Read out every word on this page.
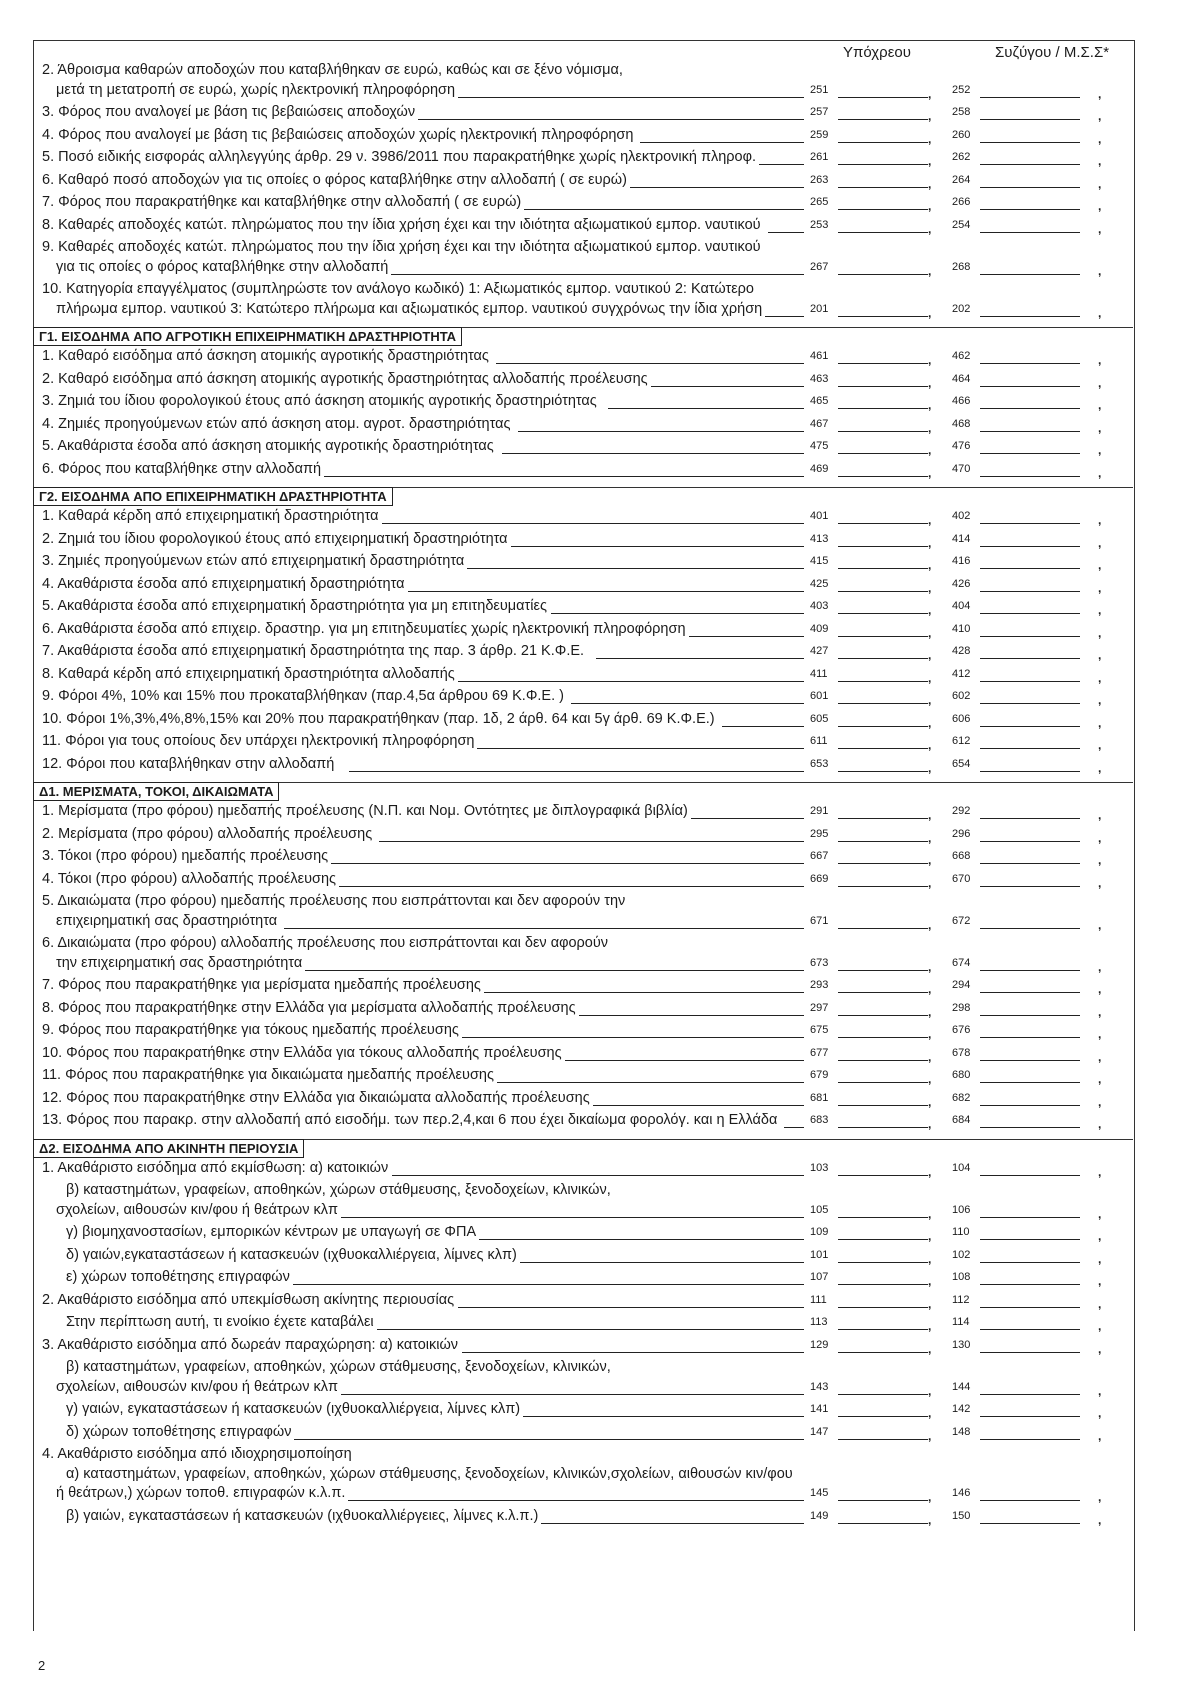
Υπόχρεου	Συζύγου / Μ.Σ.Σ*
2. Άθροισμα καθαρών αποδοχών που καταβλήθηκαν σε ευρώ, καθώς και σε ξένο νόμισμα,
μετά τη μετατροπή σε ευρώ, χωρίς ηλεκτρονική πληροφόρηση	251	, 252	,
3. Φόρος που αναλογεί με βάση τις βεβαιώσεις αποδοχών	257	, 258	,
4. Φόρος που αναλογεί με βάση τις βεβαιώσεις αποδοχών χωρίς ηλεκτρονική πληροφόρηση	259	, 260	,
5. Ποσό ειδικής εισφοράς αλληλεγγύης άρθρ. 29 ν. 3986/2011 που παρακρατήθηκε χωρίς ηλεκτρονική πληροφ.	261	, 262	,
6. Καθαρό ποσό αποδοχών για τις οποίες ο φόρος καταβλήθηκε στην αλλοδαπή ( σε ευρώ)	263	, 264	,
7. Φόρος που παρακρατήθηκε και καταβλήθηκε στην αλλοδαπή ( σε ευρώ)	265	, 266	,
8. Καθαρές αποδοχές κατώτ. πληρώματος που την ίδια χρήση έχει και την ιδιότητα αξιωματικού εμπορ. ναυτικού	253	, 254	,
9. Καθαρές αποδοχές κατώτ. πληρώματος που την ίδια χρήση έχει και την ιδιότητα αξιωματικού εμπορ. ναυτικού
για τις οποίες ο φόρος καταβλήθηκε στην αλλοδαπή	267	, 268	,
10. Κατηγορία επαγγέλματος (συμπληρώστε τον ανάλογο κωδικό) 1: Αξιωματικός εμπορ. ναυτικού 2: Κατώτερο
πλήρωμα εμπορ. ναυτικού 3: Κατώτερο πλήρωμα και αξιωματικός εμπορ. ναυτικού συγχρόνως την ίδια χρήση	201	, 202	,
Γ1. ΕΙΣΟΔΗΜΑ ΑΠΟ ΑΓΡΟΤΙΚΗ ΕΠΙΧΕΙΡΗΜΑΤΙΚΗ ΔΡΑΣΤΗΡΙΟΤΗΤΑ
1. Καθαρό εισόδημα από άσκηση ατομικής αγροτικής δραστηριότητας	461	, 462	,
2. Καθαρό εισόδημα από άσκηση ατομικής αγροτικής δραστηριότητας αλλοδαπής προέλευσης	463	, 464	,
3. Ζημιά του ίδιου φορολογικού έτους από άσκηση ατομικής αγροτικής δραστηριότητας	465	, 466	,
4. Ζημιές προηγούμενων ετών από άσκηση ατομ. αγροτ. δραστηριότητας	467	, 468	,
5. Ακαθάριστα έσοδα από άσκηση ατομικής αγροτικής δραστηριότητας	475	, 476	,
6. Φόρος που καταβλήθηκε στην αλλοδαπή	469	, 470	,
Γ2. ΕΙΣΟΔΗΜΑ ΑΠΟ ΕΠΙΧΕΙΡΗΜΑΤΙΚΗ ΔΡΑΣΤΗΡΙΟΤΗΤΑ
1. Καθαρά κέρδη από επιχειρηματική δραστηριότητα	401	, 402	,
2. Ζημιά του ίδιου φορολογικού έτους από επιχειρηματική δραστηριότητα	413	, 414	,
3. Ζημιές προηγούμενων ετών από επιχειρηματική δραστηριότητα	415	, 416	,
4. Ακαθάριστα έσοδα από επιχειρηματική δραστηριότητα	425	, 426	,
5. Ακαθάριστα έσοδα από επιχειρηματική δραστηριότητα για μη επιτηδευματίες	403	, 404	,
6. Ακαθάριστα έσοδα από επιχειρ. δραστηρ. για μη επιτηδευματίες χωρίς ηλεκτρονική πληροφόρηση	409	, 410	,
7. Ακαθάριστα έσοδα από επιχειρηματική δραστηριότητα της παρ. 3 άρθρ. 21 Κ.Φ.Ε.	427	, 428	,
8. Καθαρά κέρδη από επιχειρηματική δραστηριότητα αλλοδαπής	411	, 412	,
9. Φόροι 4%, 10% και 15% που προκαταβλήθηκαν (παρ.4,5α άρθρου 69 Κ.Φ.Ε. )	601	, 602	,
10. Φόροι 1%,3%,4%,8%,15% και 20% που παρακρατήθηκαν (παρ. 1δ, 2 άρθ. 64 και 5γ άρθ. 69 Κ.Φ.Ε.)	605	, 606	,
11. Φόροι για τους οποίους δεν υπάρχει ηλεκτρονική πληροφόρηση	611	, 612	,
12. Φόροι που καταβλήθηκαν στην αλλοδαπή	653	, 654	,
Δ1. ΜΕΡΙΣΜΑΤΑ, ΤΟΚΟΙ, ΔΙΚΑΙΩΜΑΤΑ
1. Μερίσματα (προ φόρου) ημεδαπής προέλευσης (Ν.Π. και Νομ. Οντότητες με διπλογραφικά βιβλία)	291	, 292	,
2. Μερίσματα (προ φόρου) αλλοδαπής προέλευσης	295	, 296	,
3. Τόκοι (προ φόρου) ημεδαπής προέλευσης	667	, 668	,
4. Τόκοι (προ φόρου) αλλοδαπής προέλευσης	669	, 670	,
5. Δικαιώματα (προ φόρου) ημεδαπής προέλευσης που εισπράττονται και δεν αφορούν την
επιχειρηματική σας δραστηριότητα	671	, 672	,
6. Δικαιώματα (προ φόρου) αλλοδαπής προέλευσης που εισπράττονται και δεν αφορούν
την επιχειρηματική σας δραστηριότητα	673	, 674	,
7. Φόρος που παρακρατήθηκε για μερίσματα ημεδαπής προέλευσης	293	, 294	,
8. Φόρος που παρακρατήθηκε στην Ελλάδα για μερίσματα αλλοδαπής προέλευσης	297	, 298	,
9. Φόρος που παρακρατήθηκε για τόκους ημεδαπής προέλευσης	675	, 676	,
10. Φόρος που παρακρατήθηκε στην Ελλάδα για τόκους αλλοδαπής προέλευσης	677	, 678	,
11. Φόρος που παρακρατήθηκε για δικαιώματα ημεδαπής προέλευσης	679	, 680	,
12. Φόρος που παρακρατήθηκε στην Ελλάδα για δικαιώματα αλλοδαπής προέλευσης	681	, 682	,
13. Φόρος που παρακρ. στην αλλοδαπή από εισοδήμ. των περ.2,4,και 6 που έχει δικαίωμα φορολόγ. και η Ελλάδα	683	, 684	,
Δ2. ΕΙΣΟΔΗΜΑ ΑΠΟ ΑΚΙΝΗΤΗ ΠΕΡΙΟΥΣΙΑ
1. Ακαθάριστο εισόδημα από εκμίσθωση: α) κατοικιών	103	, 104	,
β) καταστημάτων, γραφείων, αποθηκών, χώρων στάθμευσης, ξενοδοχείων, κλινικών,
σχολείων, αιθουσών κιν/φου ή θεάτρων κλπ	105	, 106	,
γ) βιομηχανοστασίων, εμπορικών κέντρων με υπαγωγή σε ΦΠΑ	109	, 110	,
δ) γαιών,εγκαταστάσεων ή κατασκευών (ιχθυοκαλλιέργεια, λίμνες κλπ)	101	, 102	,
ε) χώρων τοποθέτησης επιγραφών	107	, 108	,
2. Ακαθάριστο εισόδημα από υπεκμίσθωση ακίνητης περιουσίας	111	, 112	,
Στην περίπτωση αυτή, τι ενοίκιο έχετε καταβάλει	113	, 114	,
3. Ακαθάριστο εισόδημα από δωρεάν παραχώρηση: α) κατοικιών	129	, 130	,
β) καταστημάτων, γραφείων, αποθηκών, χώρων στάθμευσης, ξενοδοχείων, κλινικών,
σχολείων, αιθουσών κιν/φου ή θεάτρων κλπ	143	, 144	,
γ) γαιών, εγκαταστάσεων ή κατασκευών (ιχθυοκαλλιέργεια, λίμνες κλπ)	141	, 142	,
δ) χώρων τοποθέτησης επιγραφών	147	, 148	,
4. Ακαθάριστο εισόδημα από ιδιοχρησιμοποίηση
α) καταστημάτων, γραφείων, αποθηκών, χώρων στάθμευσης, ξενοδοχείων, κλινικών,σχολείων, αιθουσών κιν/φου
ή θεάτρων,) χώρων τοποθ. επιγραφών κ.λ.π.	145	, 146	,
β) γαιών, εγκαταστάσεων ή κατασκευών (ιχθυοκαλλιέργειες, λίμνες κ.λ.π.)	149	, 150	,
2
